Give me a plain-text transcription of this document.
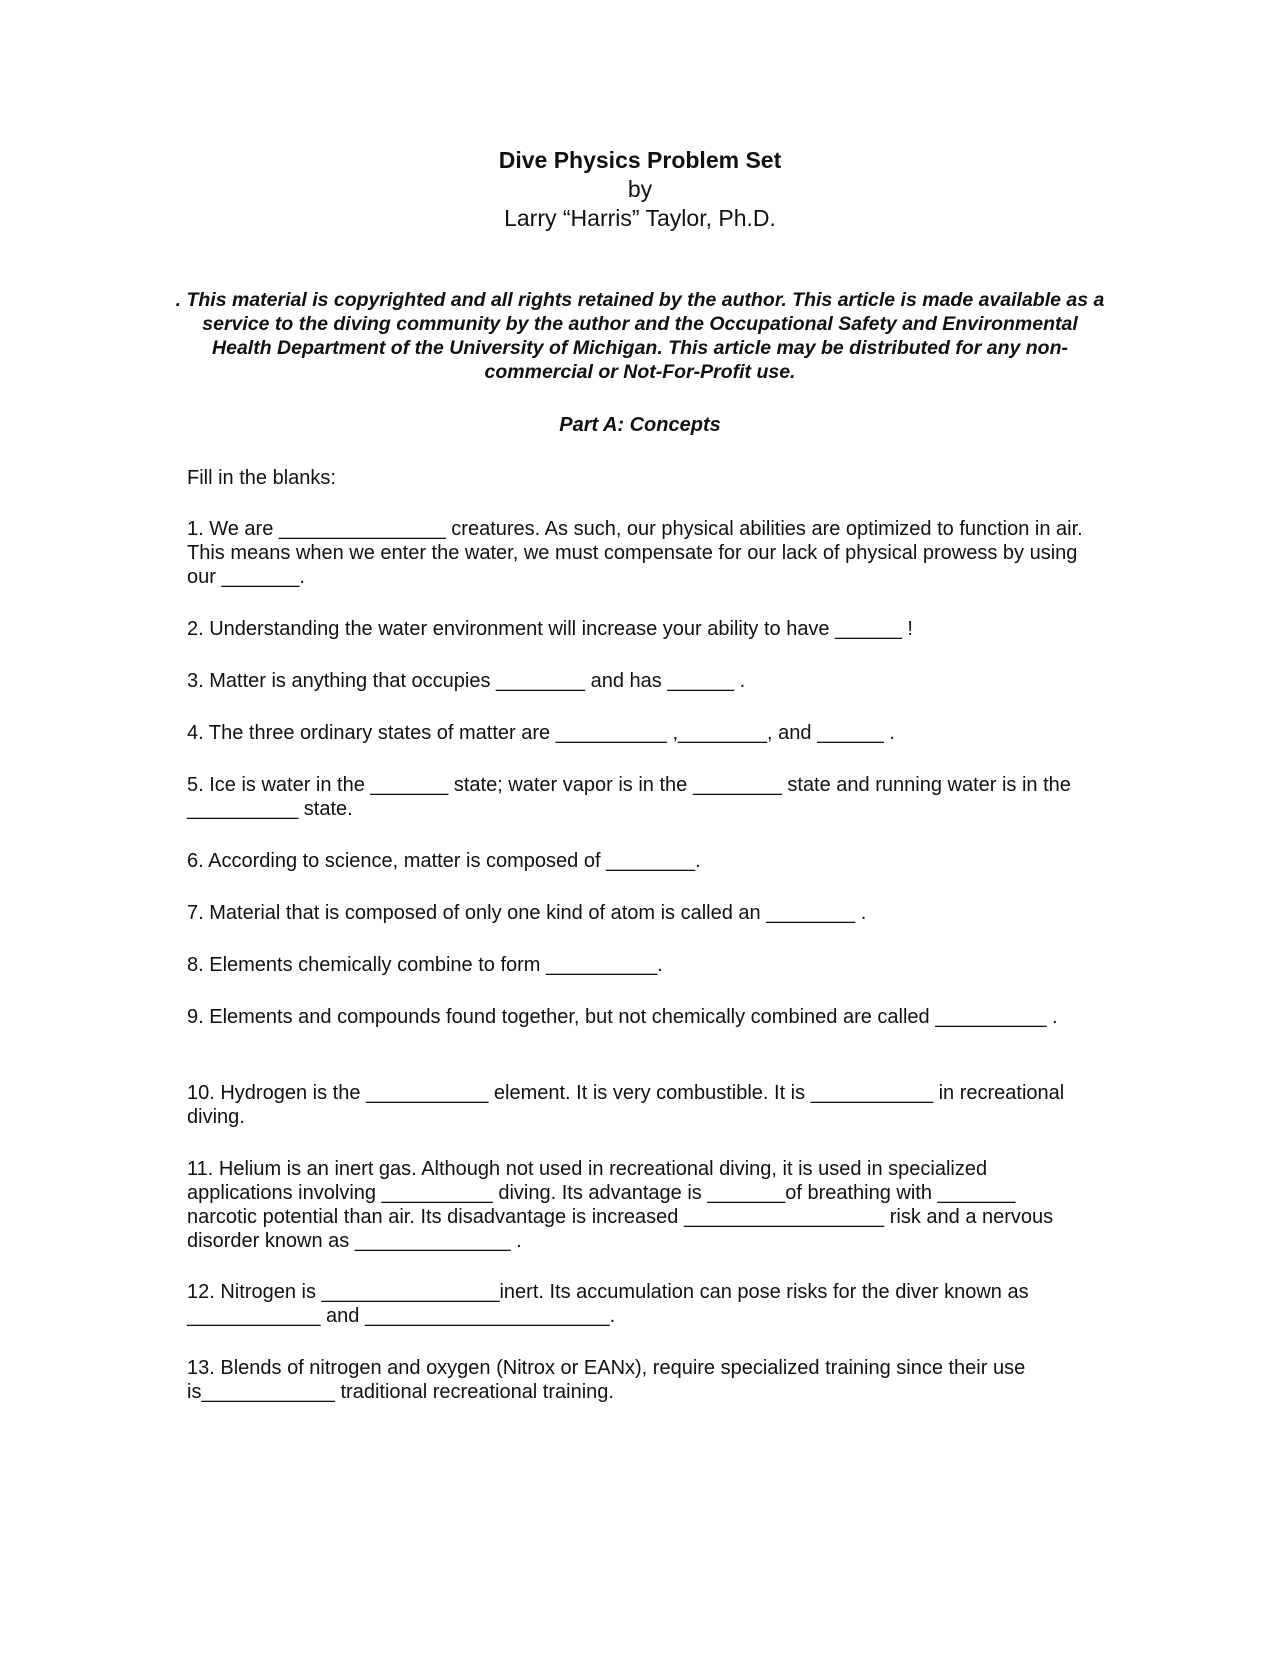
Dive Physics Problem Set

by

Larry “Harris” Taylor, Ph.D.

. This material is copyrighted and all rights retained by the author. This article is made available as a service to the diving community by the author and the Occupational Safety and Environmental Health Department of the University of Michigan. This article may be distributed for any non-commercial or Not-For-Profit use.

Part A: Concepts

Fill in the blanks:

1. We are _______________ creatures. As such, our physical abilities are optimized to function in air. This means when we enter the water, we must compensate for our lack of physical prowess by using our _______.

2. Understanding the water environment will increase your ability to have ______ !

3. Matter is anything that occupies ________ and has ______ .

4. The three ordinary states of matter are __________ ,________, and ______ .

5. Ice is water in the _______ state; water vapor is in the ________ state and running water is in the __________ state.

6. According to science, matter is composed of ________.

7. Material that is composed of only one kind of atom is called an ________ .

8. Elements chemically combine to form __________.

9. Elements and compounds found together, but not chemically combined are called __________ .

10. Hydrogen is the ___________ element. It is very combustible. It is ___________ in recreational diving.

11. Helium is an inert gas. Although not used in recreational diving, it is used in specialized applications involving __________ diving. Its advantage is _______of breathing with _______ narcotic potential than air. Its disadvantage is increased __________________ risk and a nervous disorder known as ______________ .

12. Nitrogen is ________________inert. Its accumulation can pose risks for the diver known as ____________ and ______________________.

13. Blends of nitrogen and oxygen (Nitrox or EANx), require specialized training since their use is____________ traditional recreational training.
